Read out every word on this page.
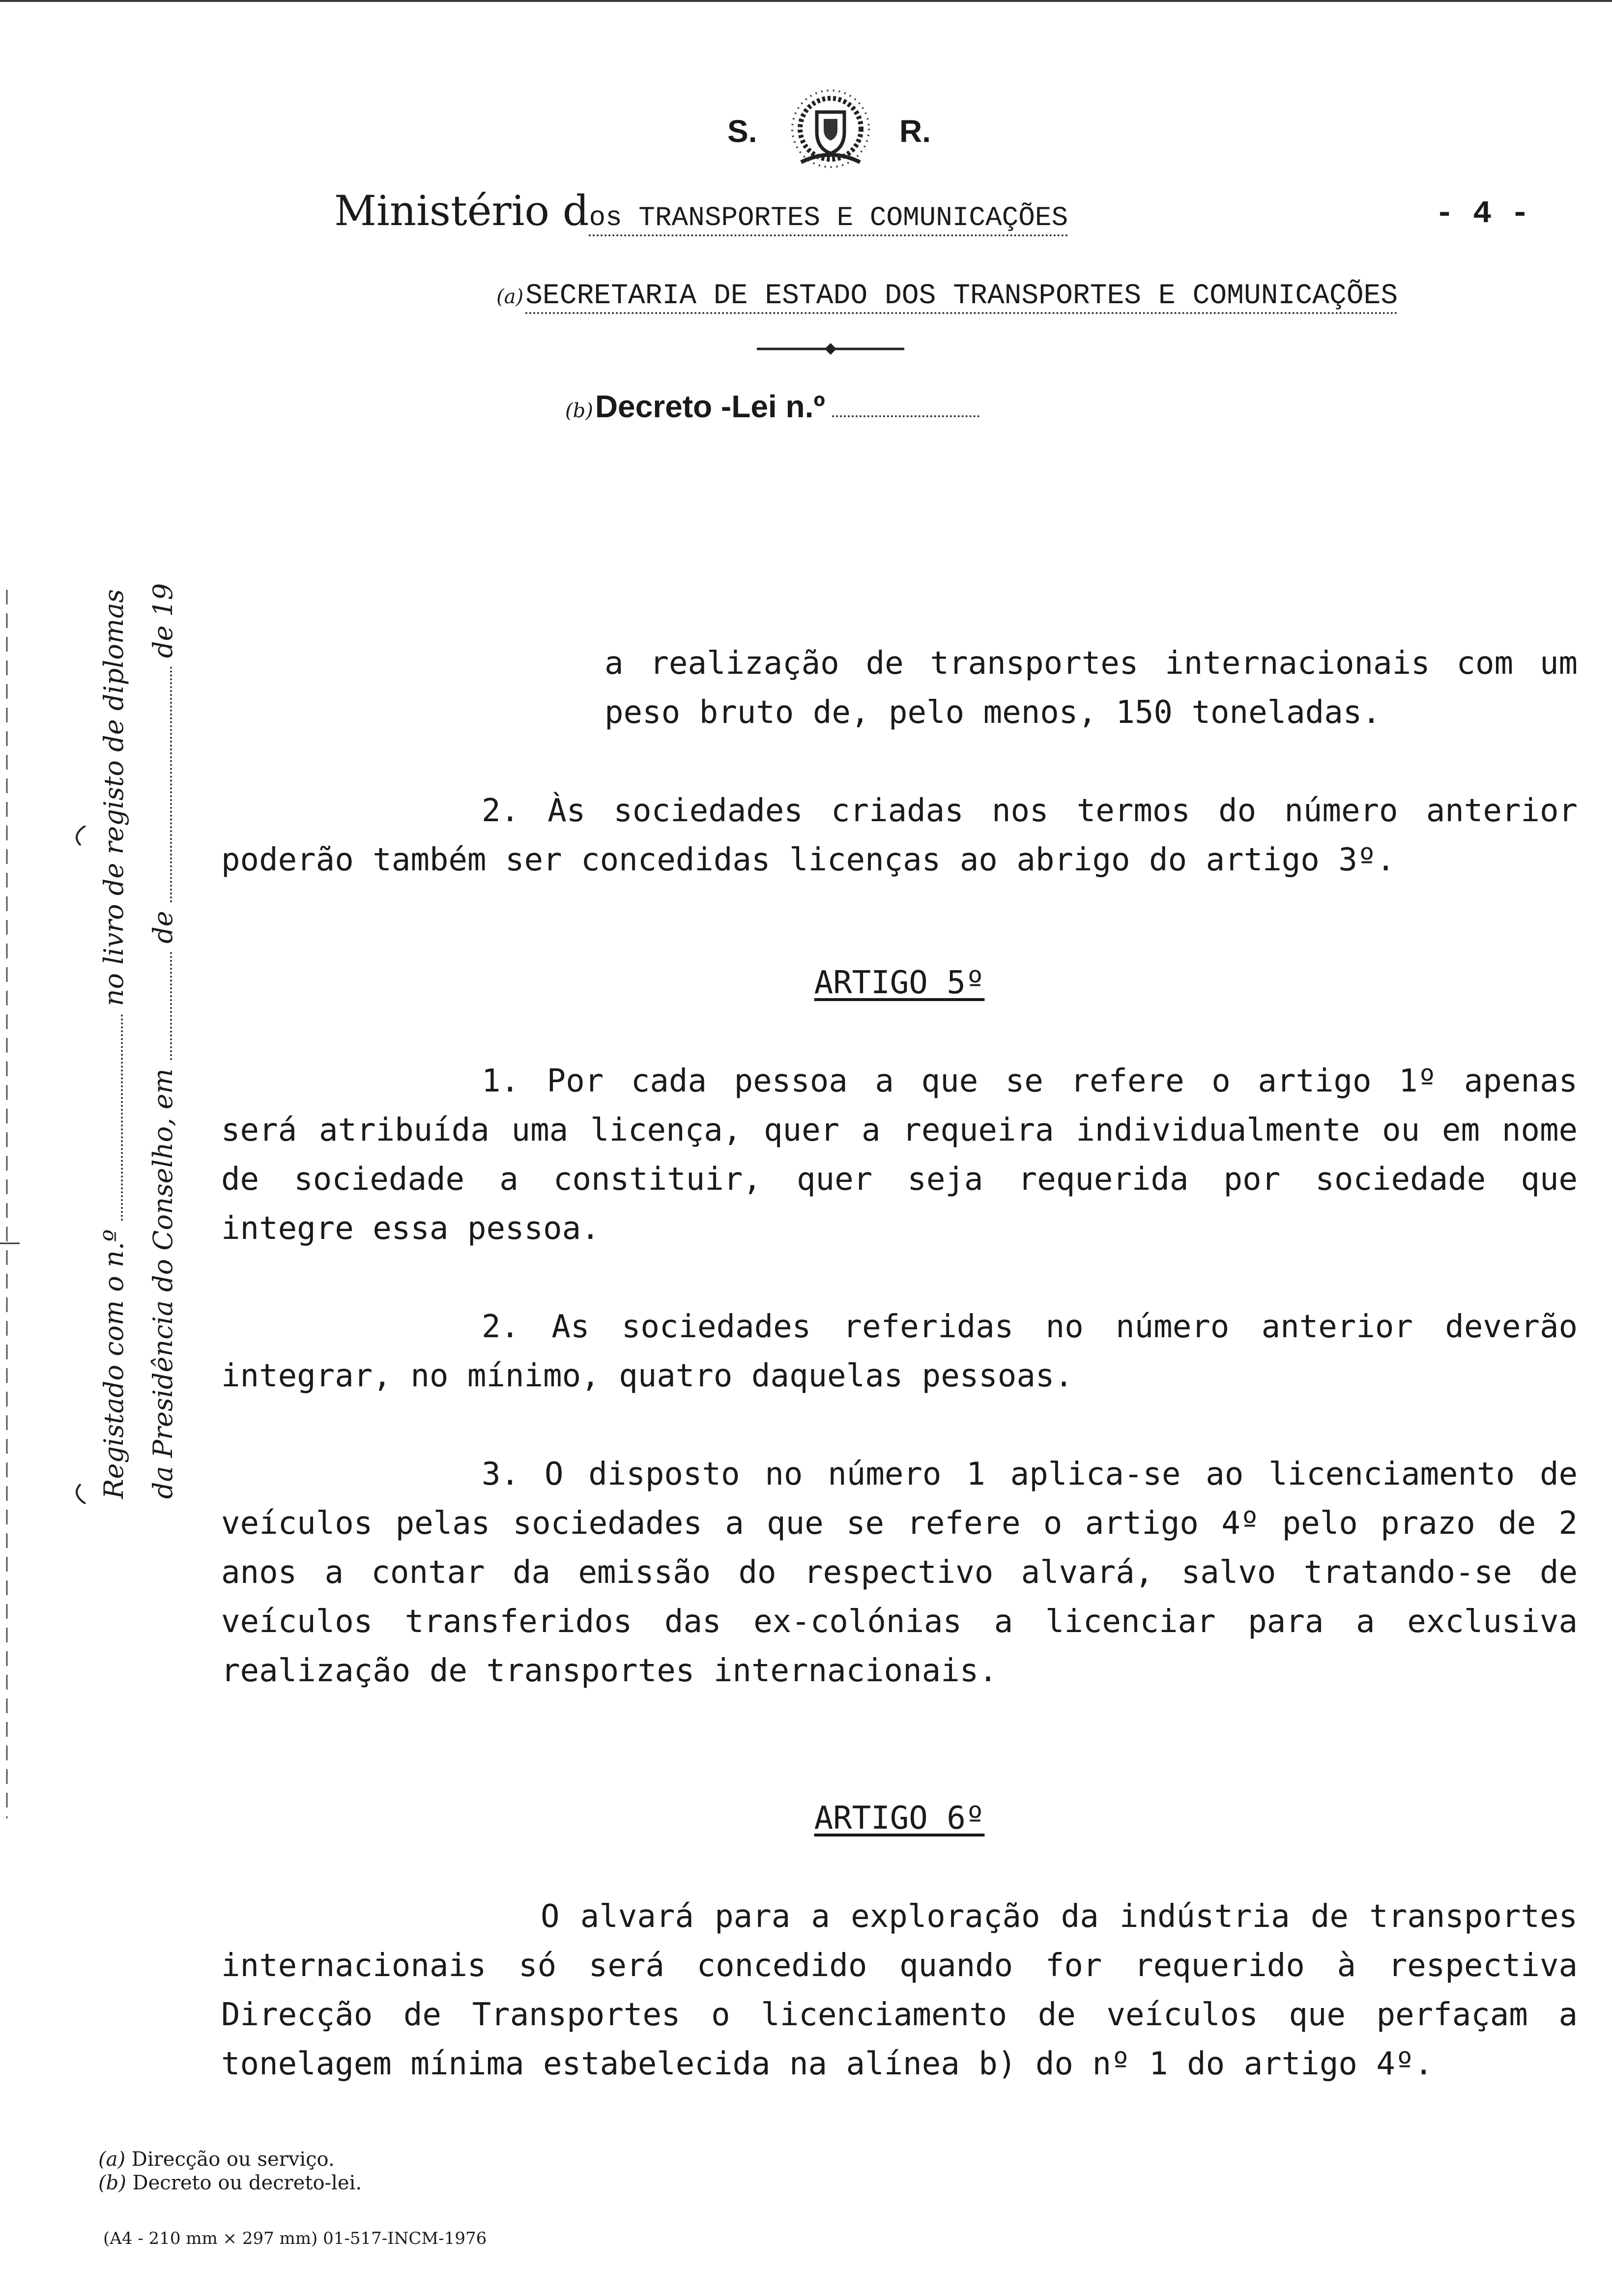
S.	R.
Ministério dos TRANSPORTES E COMUNICAÇÕES	- 4 -
(a) SECRETARIA DE ESTADO DOS TRANSPORTES E COMUNICAÇÕES
(b) Decreto -Lei n.º

a realização de transportes internacionais com um peso bruto de, pelo menos, 150 toneladas.

2. Às sociedades criadas nos termos do número anterior poderão também ser concedidas licenças ao abrigo do artigo 3º.

ARTIGO 5º

1. Por cada pessoa a que se refere o artigo 1º apenas será atribuída uma licença, quer a requeira individualmente ou em nome de sociedade a constituir, quer seja requerida por sociedade que integre essa pessoa.

2. As sociedades referidas no número anterior deverão integrar, no mínimo, quatro daquelas pessoas.

3. O disposto no número 1 aplica-se ao licenciamento de veículos pelas sociedades a que se refere o artigo 4º pelo prazo de 2 anos a contar da emissão do respectivo alvará, salvo tratando-se de veículos transferidos das ex-colónias a licenciar para a exclusiva realização de transportes internacionais.

ARTIGO 6º

O alvará para a exploração da indústria de transportes internacionais só será concedido quando for requerido à respectiva Direcção de Transportes o licenciamento de veículos que perfaçam a tonelagem mínima estabelecida na alínea b) do nº 1 do artigo 4º.

Registado com o n.º  no livro de registo de diplomas
da Presidência do Conselho, em  de  de 19
(a) Direcção ou serviço.
(b) Decreto ou decreto-lei.
(A4 - 210 mm × 297 mm) 01-517-INCM-1976
